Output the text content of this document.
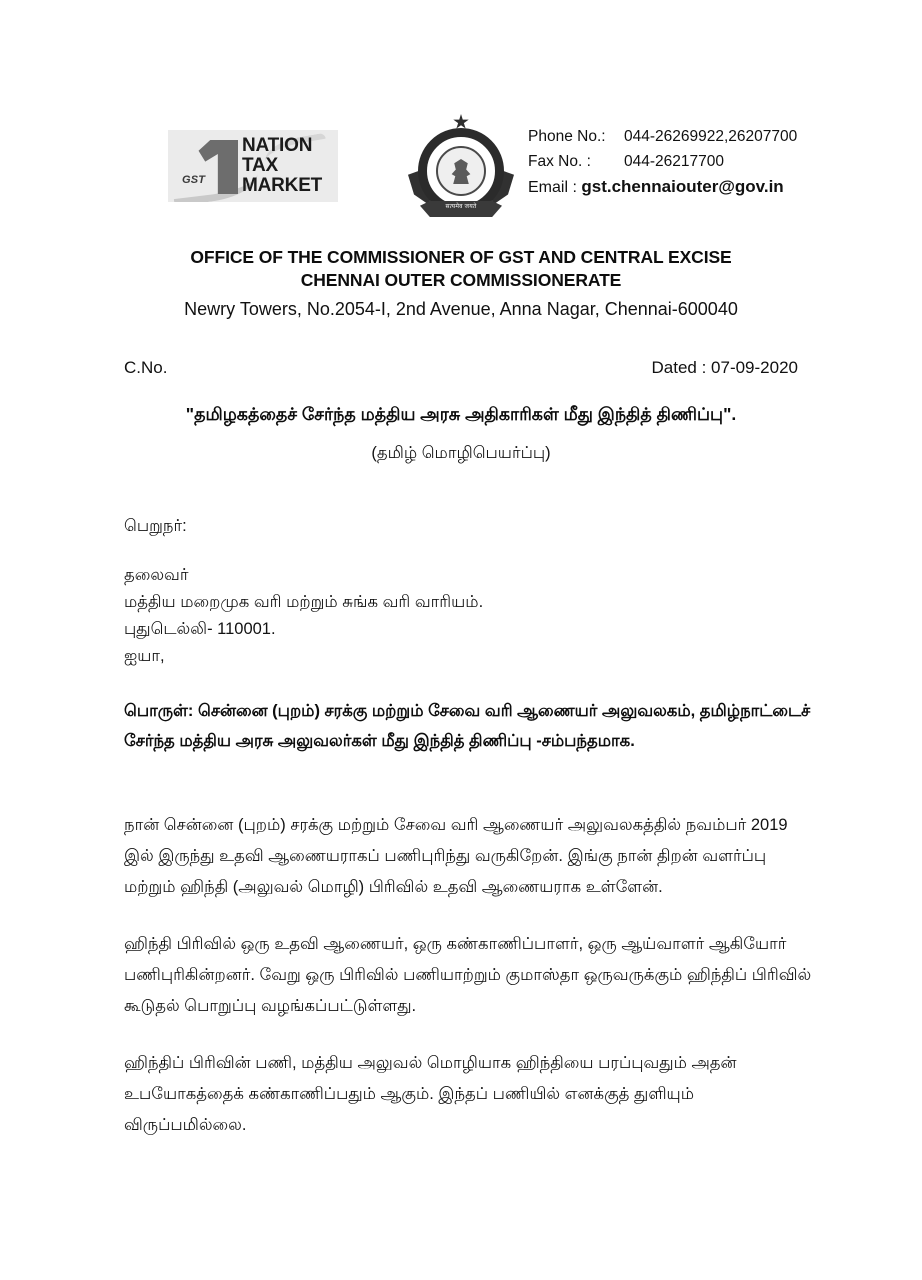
GST
NATION
TAX
MARKET
सत्यमेव जयते
Phone No.: 044-26269922,26207700
Fax No. : 044-26217700
Email : gst.chennaiouter@gov.in
OFFICE OF THE COMMISSIONER OF GST AND CENTRAL EXCISE
CHENNAI OUTER COMMISSIONERATE
Newry Towers, No.2054-I, 2nd Avenue, Anna Nagar, Chennai-600040
C.No.	Dated : 07-09-2020
"தமிழகத்தைச் சேர்ந்த மத்திய அரசு அதிகாரிகள் மீது இந்தித் திணிப்பு".
(தமிழ் மொழிபெயர்ப்பு)
பெறுநர்:
தலைவர்
மத்திய மறைமுக வரி மற்றும் சுங்க வரி வாரியம்.
புதுடெல்லி- 110001.
ஐயா,
பொருள்: சென்னை (புறம்) சரக்கு மற்றும் சேவை வரி ஆணையர் அலுவலகம், தமிழ்நாட்டைச் சேர்ந்த மத்திய அரசு அலுவலர்கள் மீது இந்தித் திணிப்பு -சம்பந்தமாக.
நான் சென்னை (புறம்) சரக்கு மற்றும் சேவை வரி ஆணையர் அலுவலகத்தில் நவம்பர் 2019 இல் இருந்து உதவி ஆணையராகப் பணிபுரிந்து வருகிறேன். இங்கு நான் திறன் வளர்ப்பு மற்றும் ஹிந்தி (அலுவல் மொழி) பிரிவில் உதவி ஆணையராக உள்ளேன்.
ஹிந்தி பிரிவில் ஒரு உதவி ஆணையர், ஒரு கண்காணிப்பாளர், ஒரு ஆய்வாளர் ஆகியோர் பணிபுரிகின்றனர். வேறு ஒரு பிரிவில் பணியாற்றும் குமாஸ்தா ஒருவருக்கும் ஹிந்திப் பிரிவில் கூடுதல் பொறுப்பு வழங்கப்பட்டுள்ளது.
ஹிந்திப் பிரிவின் பணி, மத்திய அலுவல் மொழியாக ஹிந்தியை பரப்புவதும் அதன் உபயோகத்தைக் கண்காணிப்பதும் ஆகும். இந்தப் பணியில் எனக்குத் துளியும் விருப்பமில்லை.
